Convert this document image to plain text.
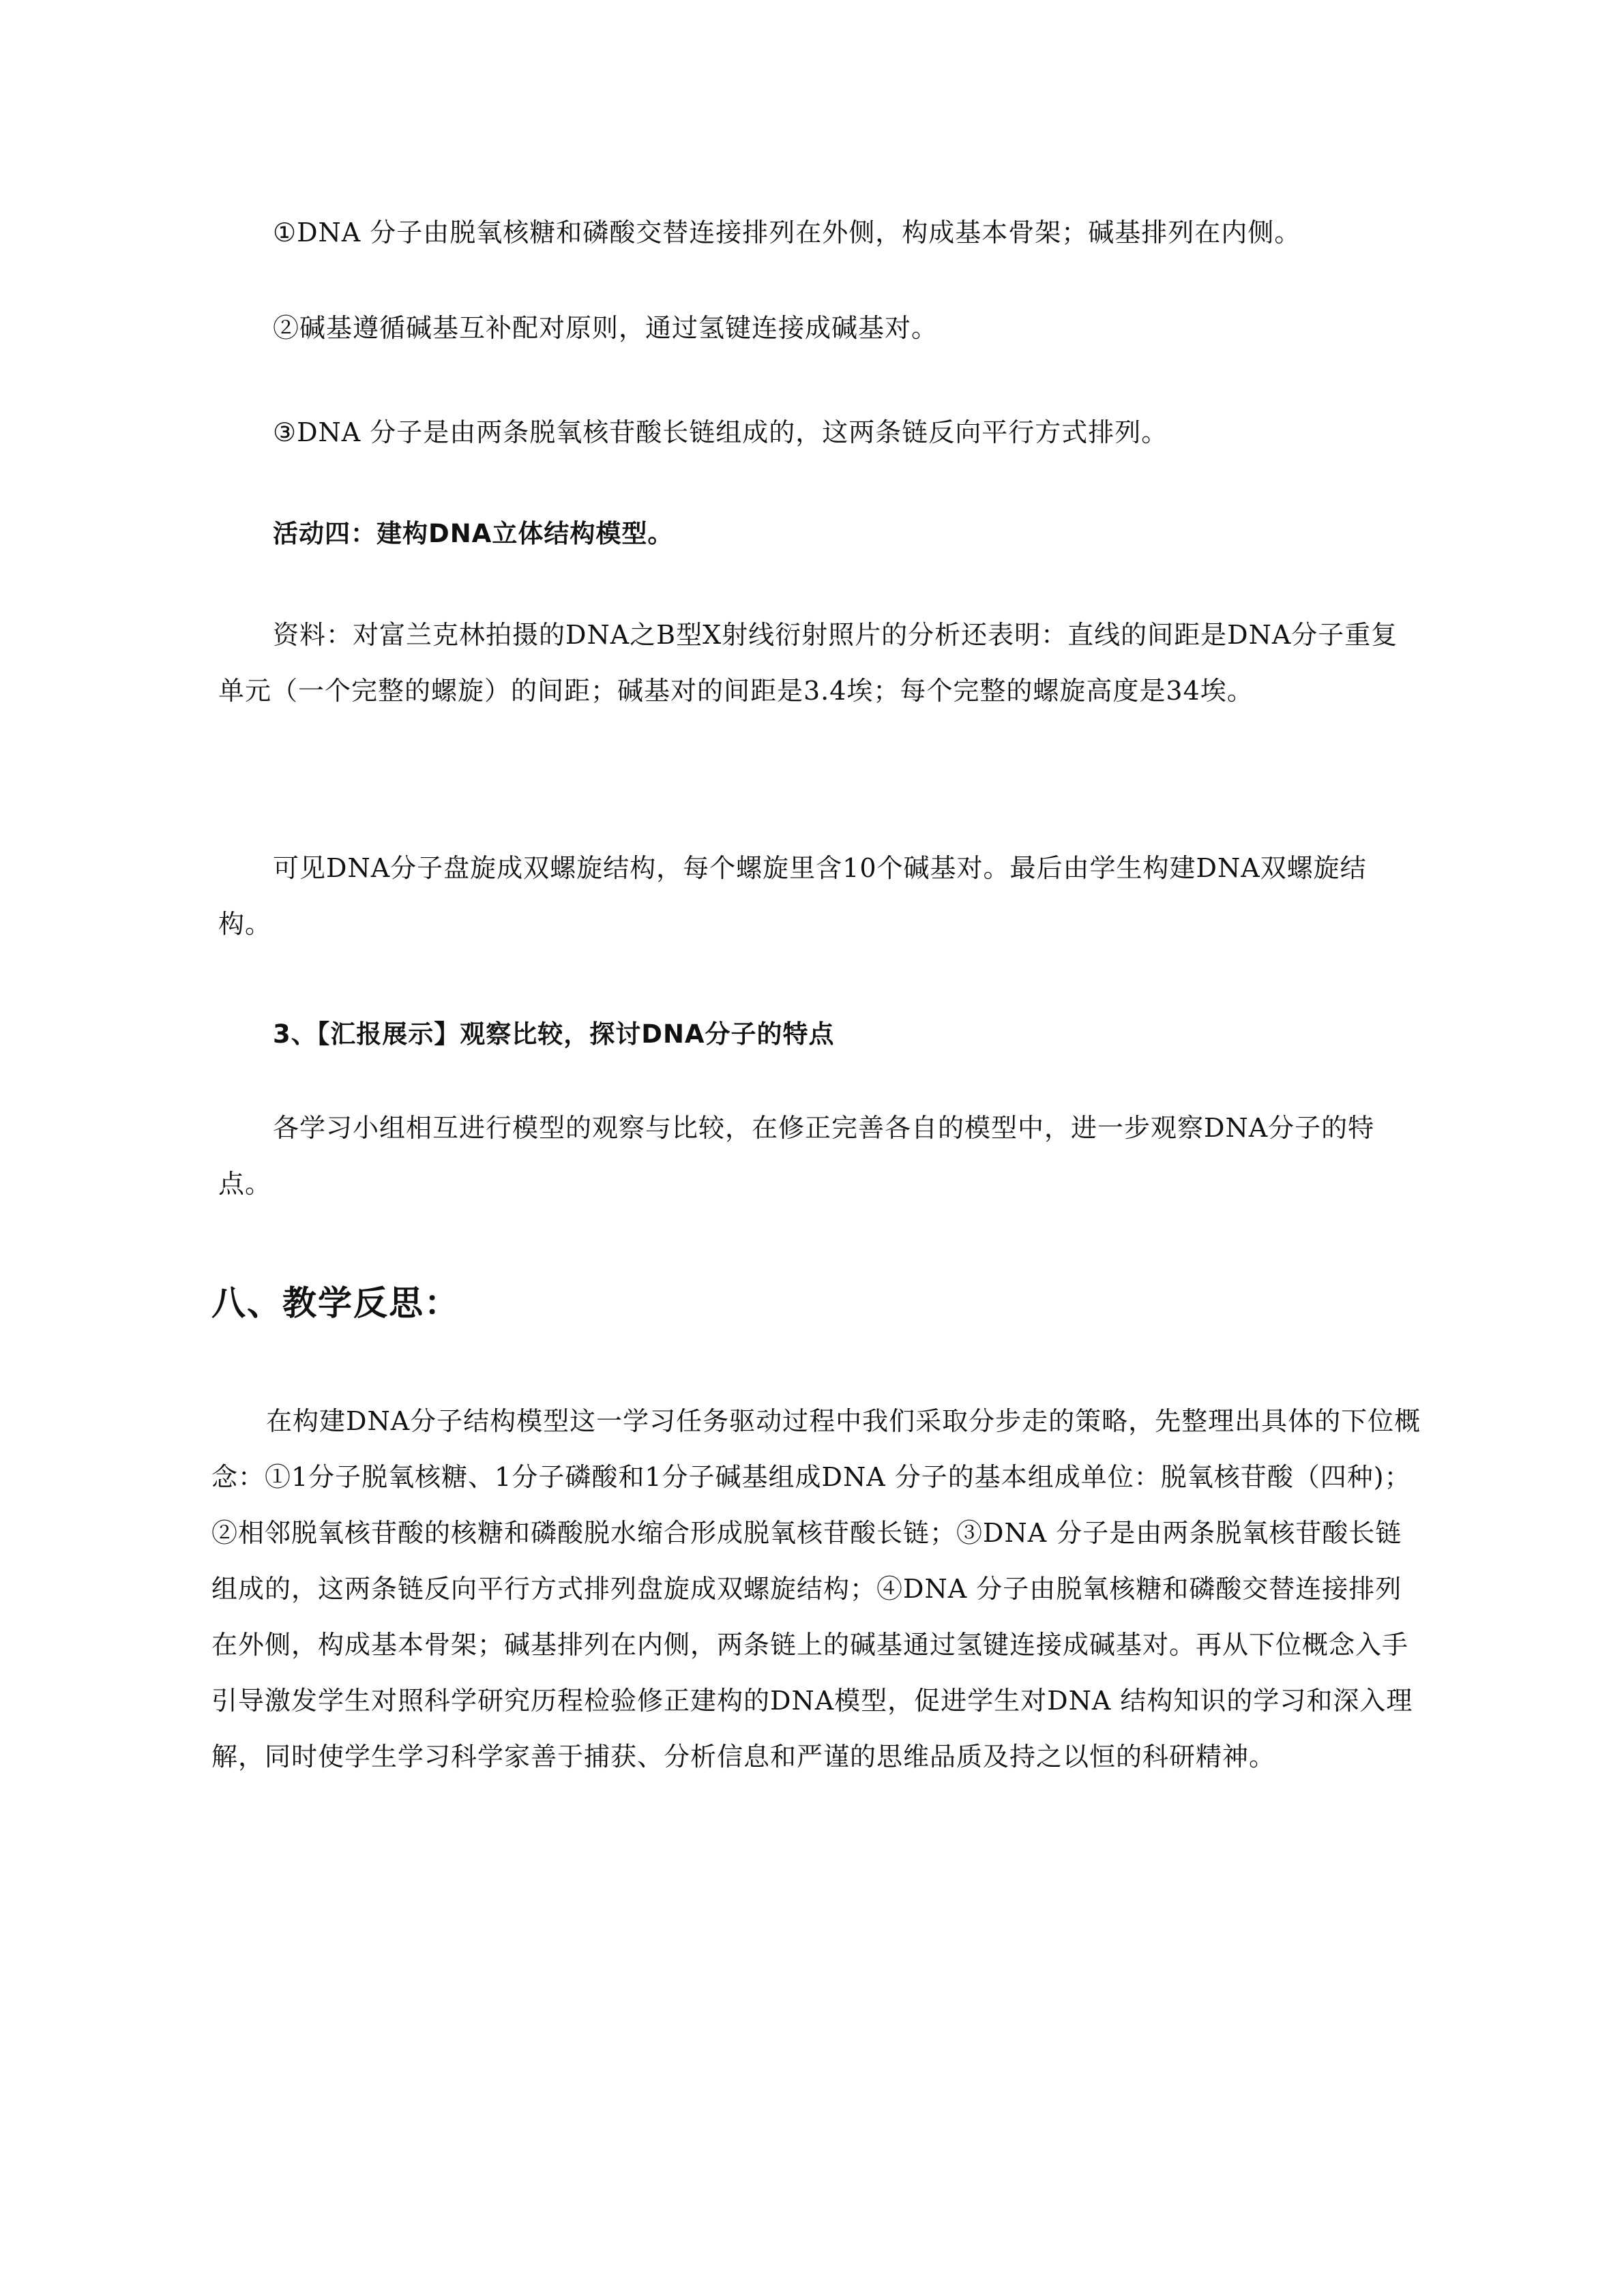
①DNA 分子由脱氧核糖和磷酸交替连接排列在外侧，构成基本骨架；碱基排列在内侧。

②碱基遵循碱基互补配对原则，通过氢键连接成碱基对。

③DNA 分子是由两条脱氧核苷酸长链组成的，这两条链反向平行方式排列。

活动四：建构DNA立体结构模型。

资料：对富兰克林拍摄的DNA之B型X射线衍射照片的分析还表明：直线的间距是DNA分子重复单元（一个完整的螺旋）的间距；碱基对的间距是3.4埃；每个完整的螺旋高度是34埃。

可见DNA分子盘旋成双螺旋结构，每个螺旋里含10个碱基对。最后由学生构建DNA双螺旋结构。

3、【汇报展示】观察比较，探讨DNA分子的特点

各学习小组相互进行模型的观察与比较，在修正完善各自的模型中，进一步观察DNA分子的特点。

八、教学反思：

在构建DNA分子结构模型这一学习任务驱动过程中我们采取分步走的策略，先整理出具体的下位概念：①1分子脱氧核糖、1分子磷酸和1分子碱基组成DNA 分子的基本组成单位：脱氧核苷酸（四种)；②相邻脱氧核苷酸的核糖和磷酸脱水缩合形成脱氧核苷酸长链；③DNA 分子是由两条脱氧核苷酸长链组成的，这两条链反向平行方式排列盘旋成双螺旋结构；④DNA 分子由脱氧核糖和磷酸交替连接排列在外侧，构成基本骨架；碱基排列在内侧，两条链上的碱基通过氢键连接成碱基对。再从下位概念入手引导激发学生对照科学研究历程检验修正建构的DNA模型，促进学生对DNA 结构知识的学习和深入理解，同时使学生学习科学家善于捕获、分析信息和严谨的思维品质及持之以恒的科研精神。
